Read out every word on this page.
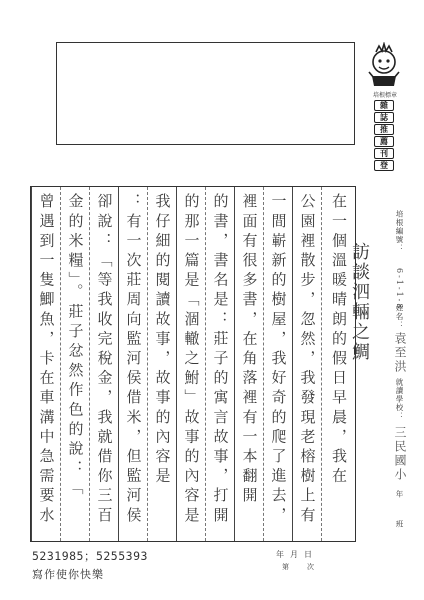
培根標章
雜
誌
推
薦
刊
登
培根編號：
6-1-1-8
姓名：
袁至洪
就讀學校：
三民國小
年
班
金的米糧」。莊子忿然作色的說：「
曾遇到一隻鯽魚，卡在車溝中急需要水	卻說：「等我收完稅金，我就借你三百 ：有一次莊周向監河侯借米，但監河侯 我仔細的閱讀故事，故事的內容是 的那一篇是「涸轍之鮒」故事的內容是 的書，書名是：莊子的寓言故事，打開 裡面有很多書，在角落裡有一本翻開 一間嶄新的樹屋，我好奇的爬了進去， 公園裡散步，忽然，我發現老榕樹上有 在一個溫暖晴朗的假日早晨，我在 訪談泗輛之鯛
5231985；5255393
寫作使你快樂
年 月 日
第	次
